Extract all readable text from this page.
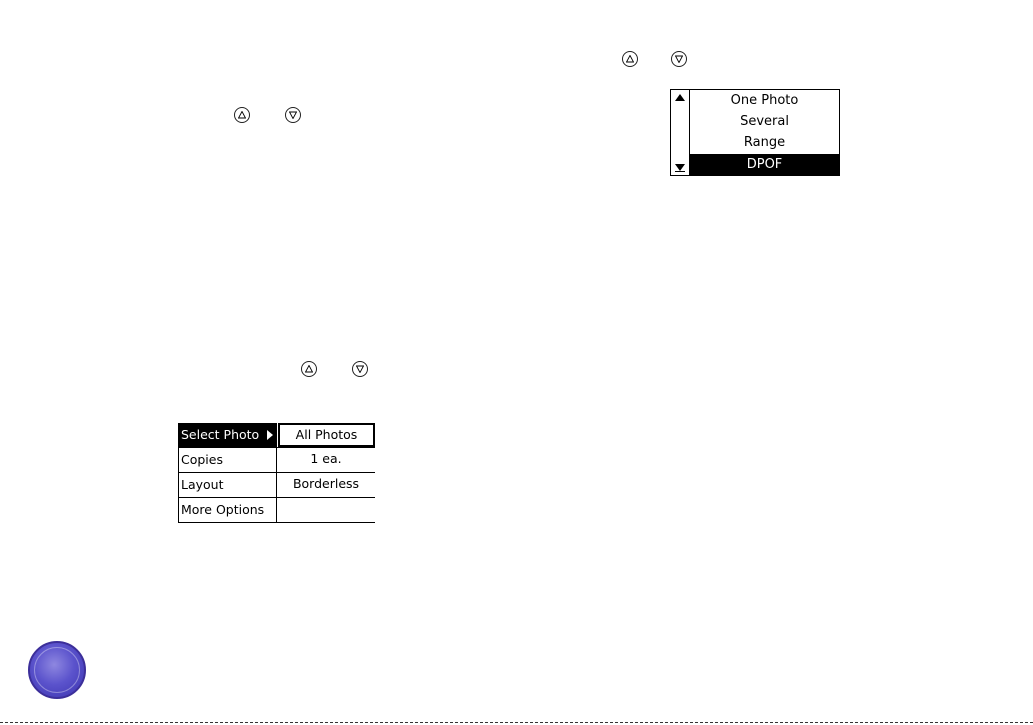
Select Photo	All Photos
Copies	1 ea.
Layout	Borderless
More Options
One Photo
Several
Range
DPOF
